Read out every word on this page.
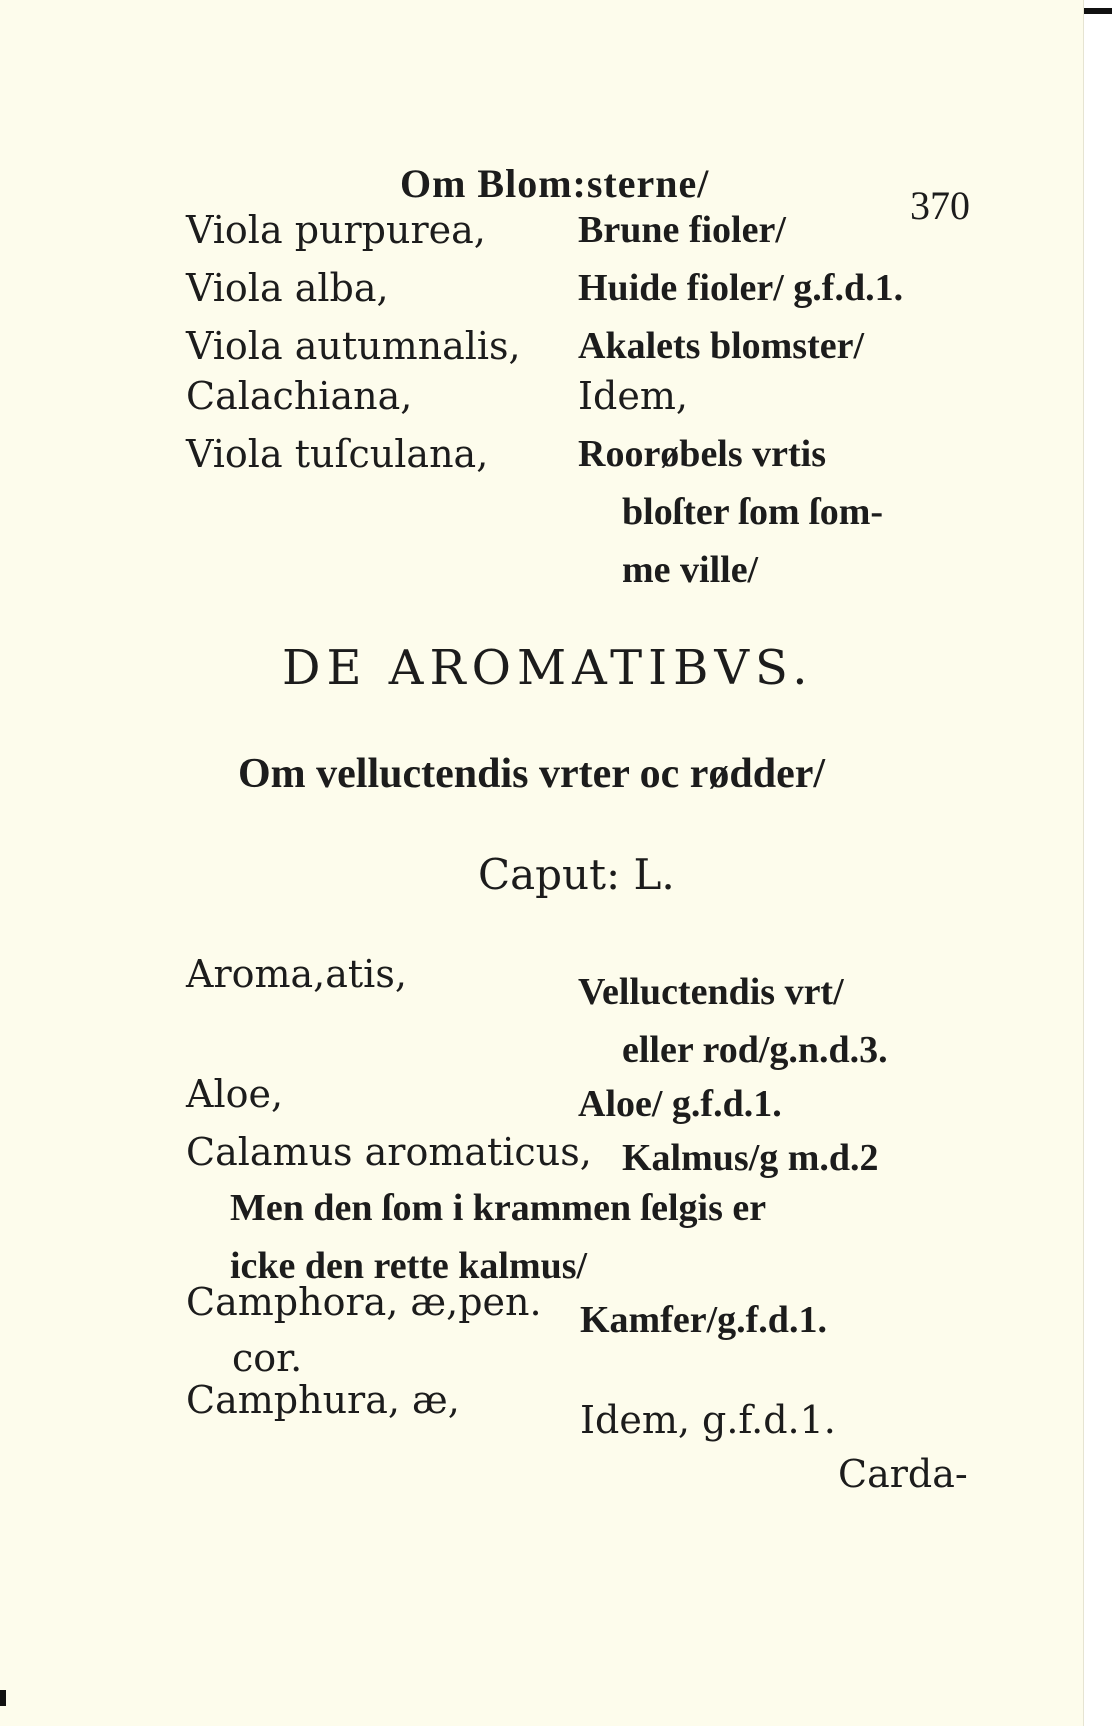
Om Blom:sterne/	370
Viola purpurea, Brune fioler/
Viola alba,	Huide fioler/ g.f.d.1.
Viola autumnalis, Akalets blomster/
Calachiana,	Idem,
Viola tuſculana, Roorøbels vrtis
bloſter ſom ſom-
me ville/
DE AROMATIBVS.
Om velluctendis vrter oc rødder/
Caput: L.
Aroma,atis,	Velluctendis vrt/
eller rod/g.n.d.3.
Aloe,	Aloe/ g.f.d.1.
Calamus aromaticus, Kalmus/g m.d.2
Men den ſom i krammen ſelgis er
icke den rette kalmus/
Camphora, æ,pen. Kamfer/g.f.d.1.
cor.
Camphura, æ,	Idem, g.f.d.1.
Carda-
